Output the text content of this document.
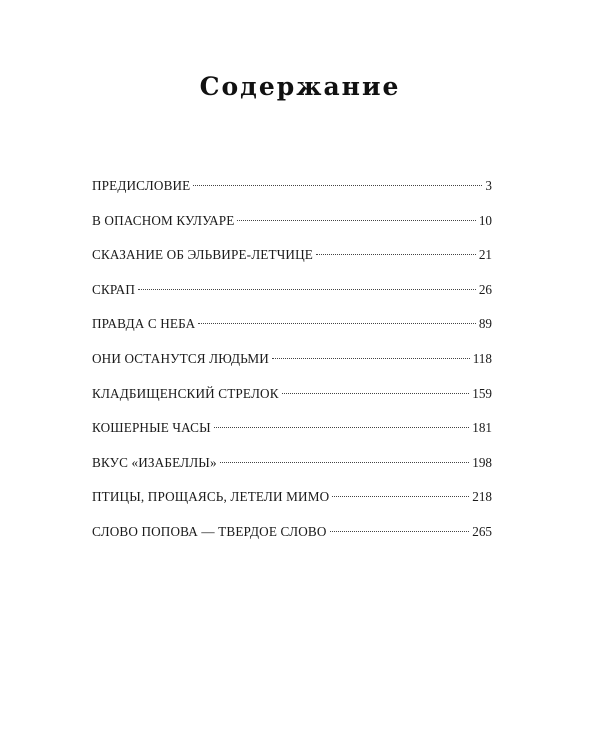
Содержание
ПРЕДИСЛОВИЕ	3
В ОПАСНОМ КУЛУАРЕ	10
СКАЗАНИЕ ОБ ЭЛЬВИРЕ-ЛЕТЧИЦЕ	21
СКРАП	26
ПРАВДА С НЕБА	89
ОНИ ОСТАНУТСЯ ЛЮДЬМИ	118
КЛАДБИЩЕНСКИЙ СТРЕЛОК	159
КОШЕРНЫЕ ЧАСЫ	181
ВКУС «ИЗАБЕЛЛЫ»	198
ПТИЦЫ, ПРОЩАЯСЬ, ЛЕТЕЛИ МИМО	218
СЛОВО ПОПОВА — ТВЕРДОЕ СЛОВО	265
